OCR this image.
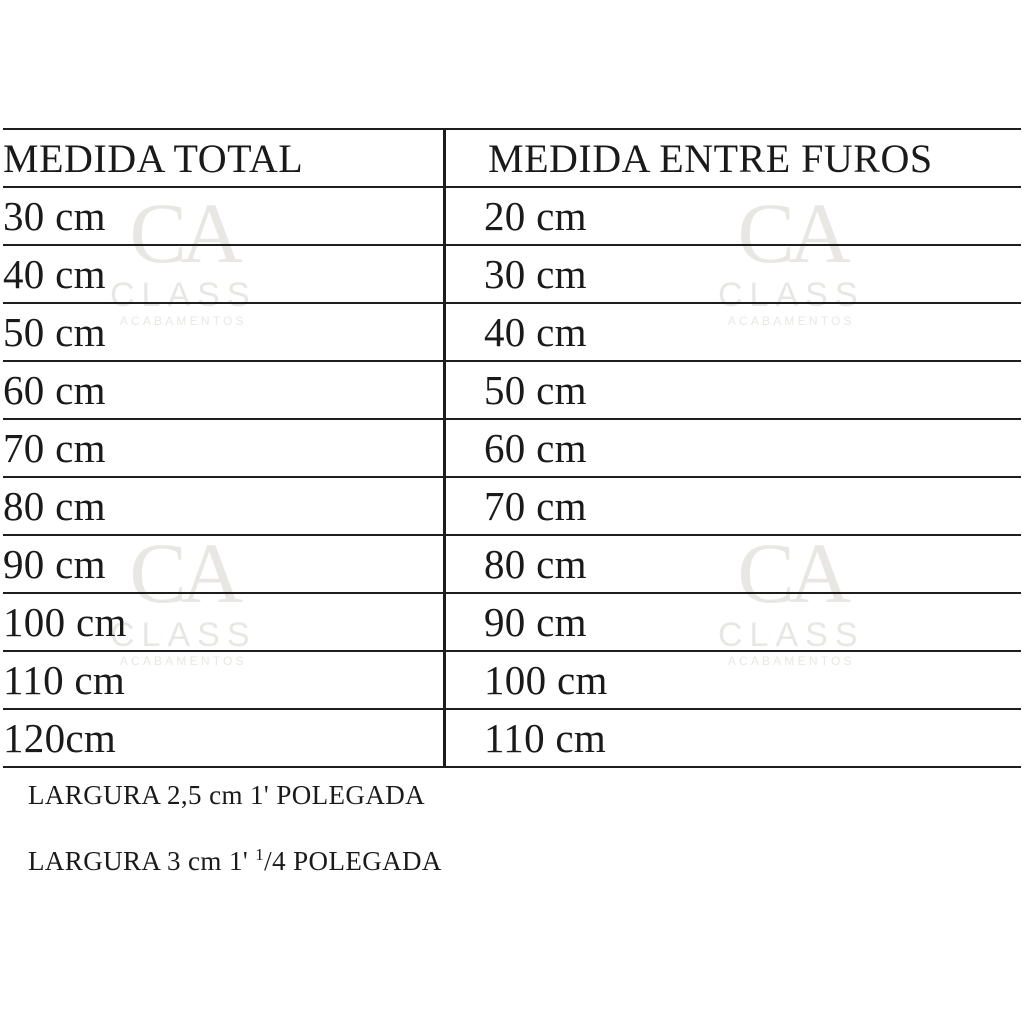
CA
CLASS
ACABAMENTOS
CA
CLASS
ACABAMENTOS
CA
CLASS
ACABAMENTOS
CA
CLASS
ACABAMENTOS
MEDIDA TOTAL	MEDIDA ENTRE FUROS
30 cm	20 cm
40 cm	30 cm
50 cm	40 cm
60 cm	50 cm
70 cm	60 cm
80 cm	70 cm
90 cm	80 cm
100 cm	90 cm
110 cm	100 cm
120cm	110 cm
LARGURA 2,5 cm 1' POLEGADA
LARGURA 3 cm 1' $^1$/4 POLEGADA
